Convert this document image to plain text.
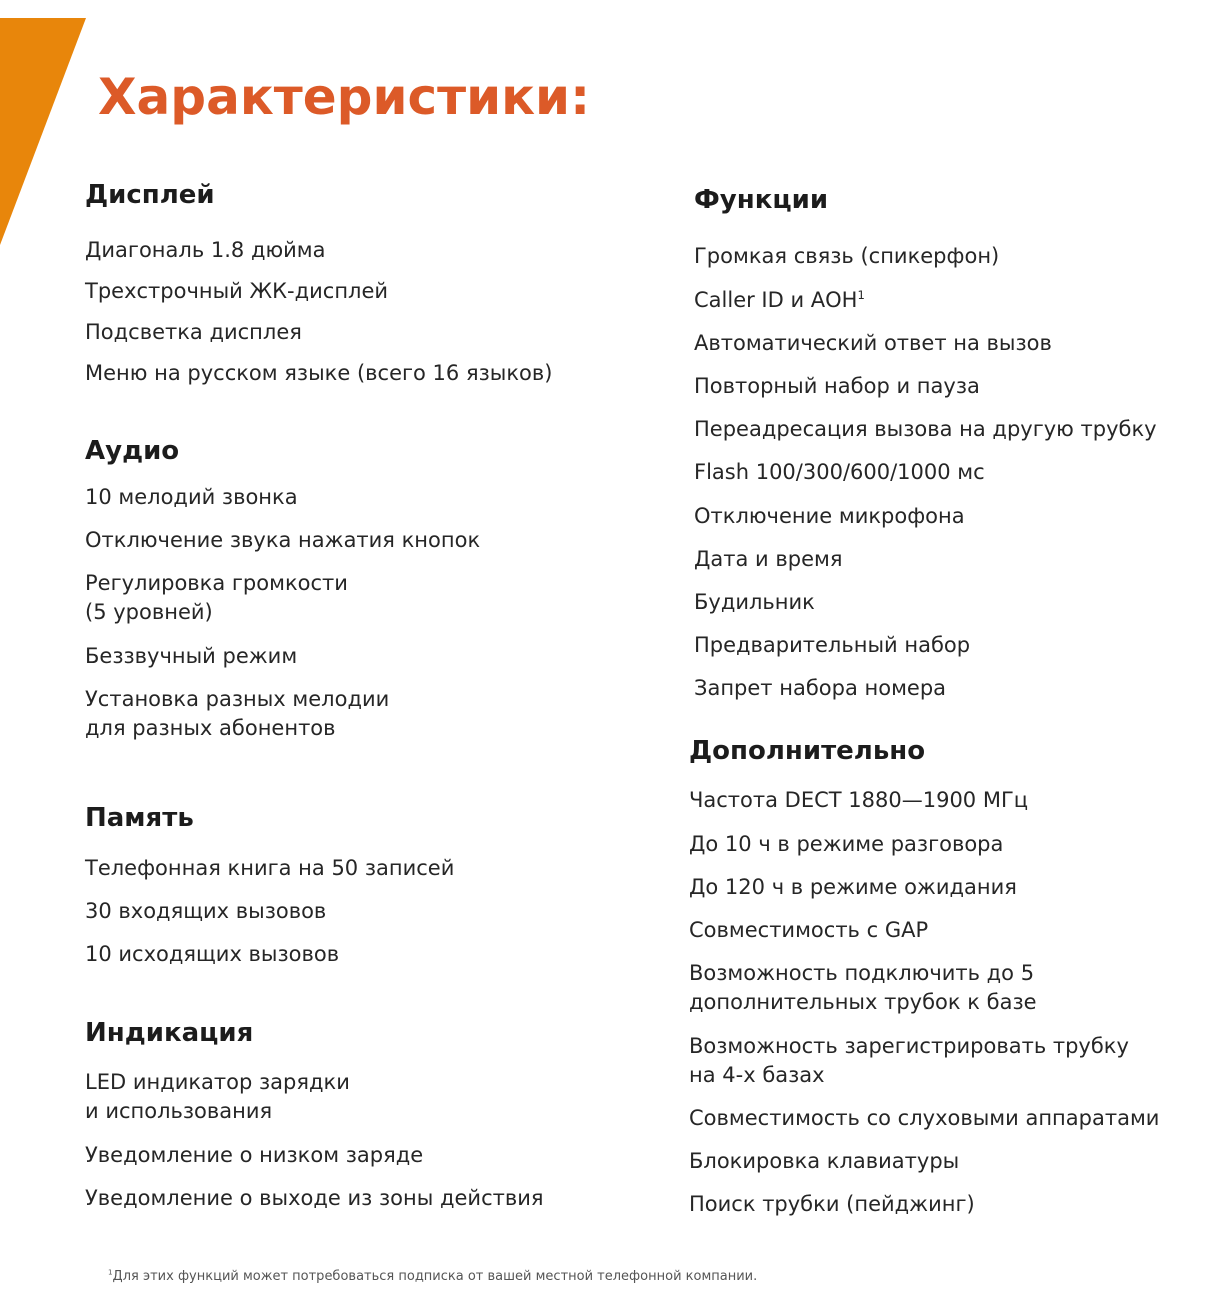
Характеристики:
Дисплей

Диагональ 1.8 дюйма

Трехстрочный ЖК-дисплей

Подсветка дисплея

Меню на русском языке (всего 16 языков)

Аудио

10 мелодий звонка

Отключение звука нажатия кнопок

Регулировка громкости

(5 уровней)

Беззвучный режим

Установка разных мелодии

для разных абонентов

Память

Телефонная книга на 50 записей

30 входящих вызовов

10 исходящих вызовов

Индикация

LED индикатор зарядки

и использования

Уведомление о низком заряде

Уведомление о выходе из зоны действия

Функции

Громкая связь (спикерфон)

Caller ID и АОН$^1$

Автоматический ответ на вызов

Повторный набор и пауза

Переадресация вызова на другую трубку

Flash 100/300/600/1000 мс

Отключение микрофона

Дата и время

Будильник

Предварительный набор

Запрет набора номера

Дополнительно

Частота DECT 1880—1900 МГц

До 10 ч в режиме разговора

До 120 ч в режиме ожидания

Совместимость с GAP

Возможность подключить до 5

дополнительных трубок к базе

Возможность зарегистрировать трубку

на 4-х базах

Совместимость со слуховыми аппаратами

Блокировка клавиатуры

Поиск трубки (пейджинг)

$^1$Для этих функций может потребоваться подписка от вашей местной телефонной компании.
